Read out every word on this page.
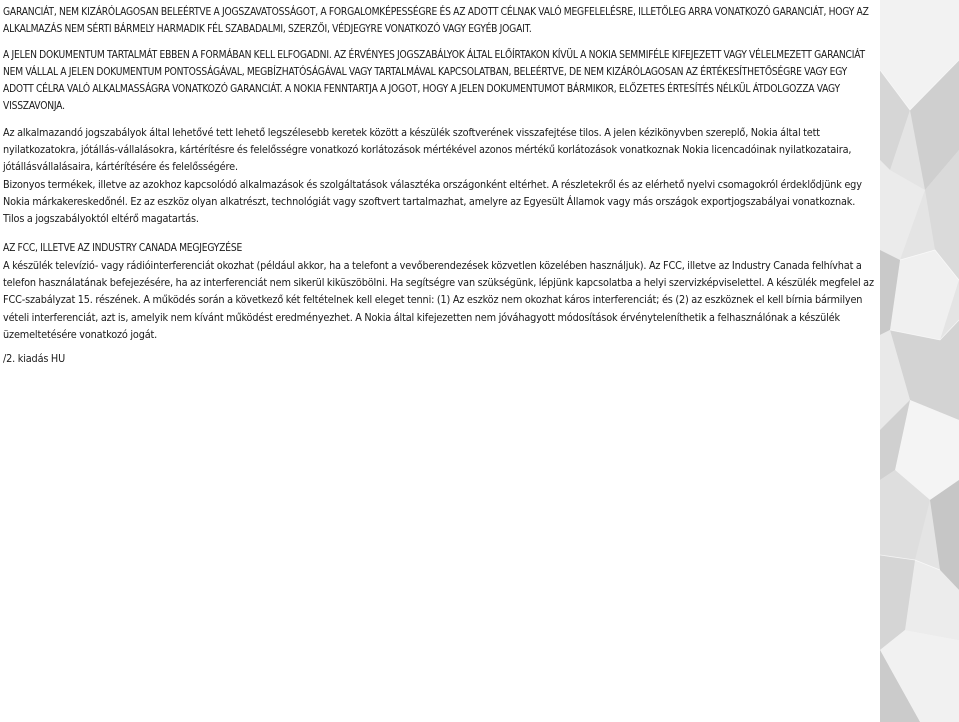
GARANCIÁT, NEM KIZÁRÓLAGOSAN BELEÉRTVE A JOGSZAVATOSSÁGOT, A FORGALOMKÉPESSÉGRE ÉS AZ ADOTT CÉLNAK VALÓ MEGFELELÉSRE, ILLETŐLEG ARRA VONATKOZÓ GARANCIÁT, HOGY AZ ALKALMAZÁS NEM SÉRTI BÁRMELY HARMADIK FÉL SZABADALMI, SZERZŐI, VÉDJEGYRE VONATKOZÓ VAGY EGYÉB JOGAIT.

A JELEN DOKUMENTUM TARTALMÁT EBBEN A FORMÁBAN KELL ELFOGADNI. AZ ÉRVÉNYES JOGSZABÁLYOK ÁLTAL ELŐÍRTAKON KÍVÜL A NOKIA SEMMIFÉLE KIFEJEZETT VAGY VÉLELMEZETT GARANCIÁT NEM VÁLLAL A JELEN DOKUMENTUM PONTOSSÁGÁVAL, MEGBÍZHATÓSÁGÁVAL VAGY TARTALMÁVAL KAPCSOLATBAN, BELEÉRTVE, DE NEM KIZÁRÓLAGOSAN AZ ÉRTÉKESÍTHETŐSÉGRE VAGY EGY ADOTT CÉLRA VALÓ ALKALMASSÁGRA VONATKOZÓ GARANCIÁT. A NOKIA FENNTARTJA A JOGOT, HOGY A JELEN DOKUMENTUMOT BÁRMIKOR, ELŐZETES ÉRTESÍTÉS NÉLKÜL ÁTDOLGOZZA VAGY VISSZAVONJA.

Az alkalmazandó jogszabályok által lehetővé tett lehető legszélesebb keretek között a készülék szoftverének visszafejtése tilos. A jelen kézikönyvben szereplő, Nokia által tett nyilatkozatokra, jótállás-vállalásokra, kártérítésre és felelősségre vonatkozó korlátozások mértékével azonos mértékű korlátozások vonatkoznak Nokia licencadóinak nyilatkozataira, jótállásvállalásaira, kártérítésére és felelősségére.

Bizonyos termékek, illetve az azokhoz kapcsolódó alkalmazások és szolgáltatások választéka országonként eltérhet. A részletekről és az elérhető nyelvi csomagokról érdeklődjünk egy Nokia márkakereskedőnél. Ez az eszköz olyan alkatrészt, technológiát vagy szoftvert tartalmazhat, amelyre az Egyesült Államok vagy más országok exportjogszabályai vonatkoznak. Tilos a jogszabályoktól eltérő magatartás.

AZ FCC, ILLETVE AZ INDUSTRY CANADA MEGJEGYZÉSE

A készülék televízió- vagy rádióinterferenciát okozhat (például akkor, ha a telefont a vevőberendezések közvetlen közelében használjuk). Az FCC, illetve az Industry Canada felhívhat a telefon használatának befejezésére, ha az interferenciát nem sikerül kiküszöbölni. Ha segítségre van szükségünk, lépjünk kapcsolatba a helyi szervizképviselettel. A készülék megfelel az FCC-szabályzat 15. részének. A működés során a következő két feltételnek kell eleget tenni: (1) Az eszköz nem okozhat káros interferenciát; és (2) az eszköznek el kell bírnia bármilyen vételi interferenciát, azt is, amelyik nem kívánt működést eredményezhet. A Nokia által kifejezetten nem jóváhagyott módosítások érvényteleníthetik a felhasználónak a készülék üzemeltetésére vonatkozó jogát.

/2. kiadás HU
